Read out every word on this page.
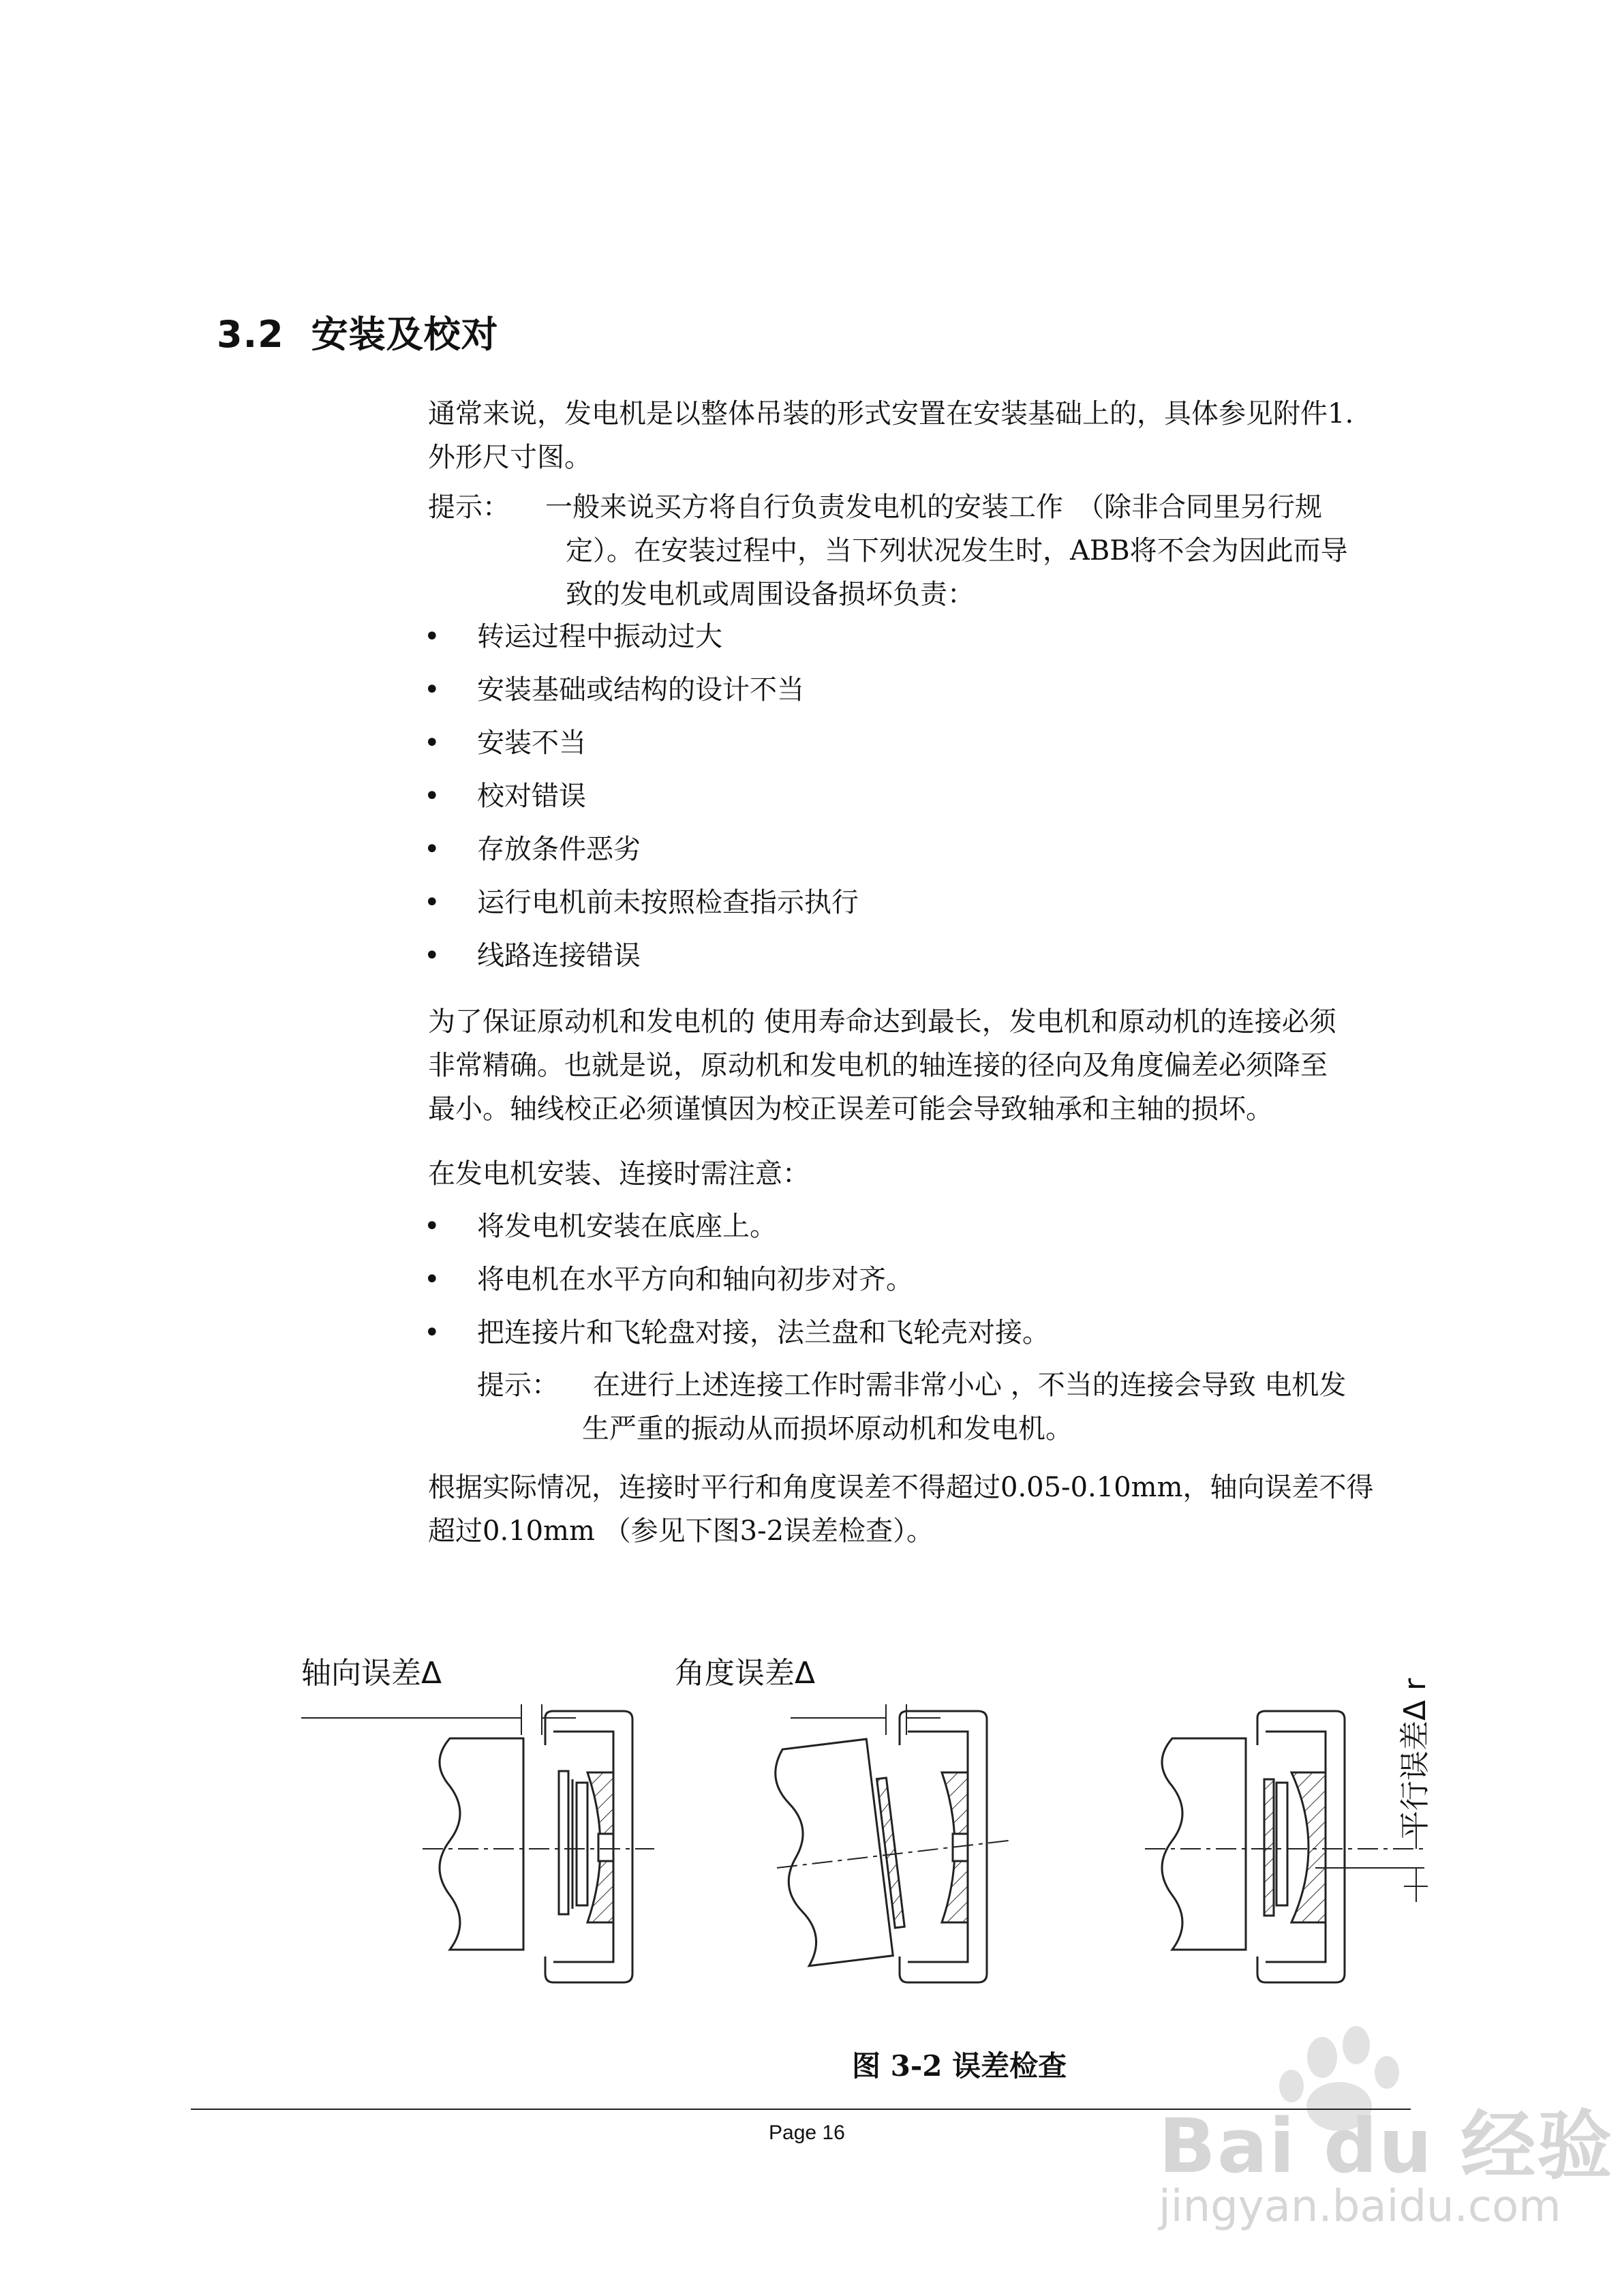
3.2 安装及校对
通常来说，发电机是以整体吊装的形式安置在安装基础上的，具体参见附件1.
外形尺寸图。
提示： 一般来说买方将自行负责发电机的安装工作　（除非合同里另行规
定）。在安装过程中，当下列状况发生时，ABB将不会为因此而导
致的发电机或周围设备损坏负责：
• 转运过程中振动过大
• 安装基础或结构的设计不当
• 安装不当
• 校对错误
• 存放条件恶劣
• 运行电机前未按照检查指示执行
• 线路连接错误
为了保证原动机和发电机的 使用寿命达到最长，发电机和原动机的连接必须
非常精确。也就是说，原动机和发电机的轴连接的径向及角度偏差必须降至
最小。轴线校正必须谨慎因为校正误差可能会导致轴承和主轴的损坏。
在发电机安装、连接时需注意：
• 将发电机安装在底座上。
• 将电机在水平方向和轴向初步对齐。
• 把连接片和飞轮盘对接，法兰盘和飞轮壳对接。
提示： 在进行上述连接工作时需非常小心 ，不当的连接会导致 电机发
生严重的振动从而损坏原动机和发电机。
根据实际情况，连接时平行和角度误差不得超过0.05-0.10mm，轴向误差不得
超过0.10mm （参见下图3-2误差检查）。
轴向误差Δ	角度误差Δ
平行误差Δ r
图 3-2 误差检查
Page 16	Bai du 经验
jingyan.baidu.com
